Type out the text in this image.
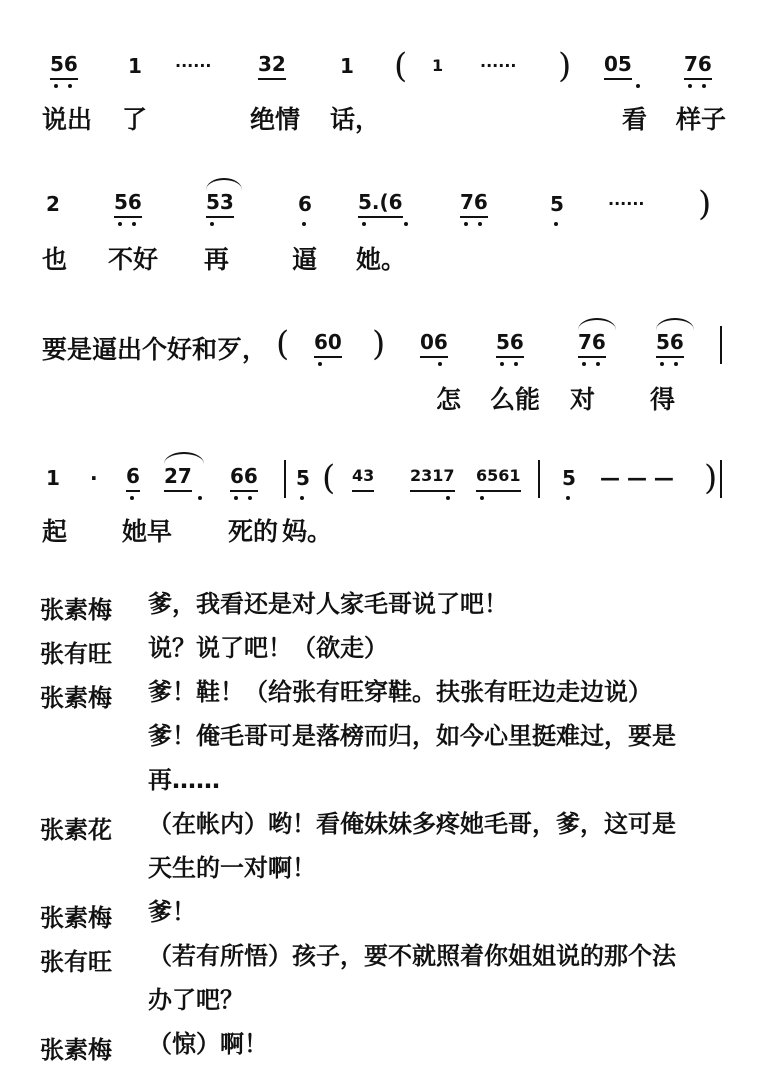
56	1 ······ 32	1 ( 1 ······ ) 05	76
说出 了	绝情 话，	看 样子
2	56	53	6 5.(6	76	5	······ )
也 不好 再	逼 她。
要是逼出个好和歹， ( 60 ) 06 56	76	56
怎 么能 对 得
1 · 6 27 66 5 ( 43 2317 6561 5 — — — )
起 她早 死的 妈。
张素梅	爹，我看还是对人家毛哥说了吧！
张有旺	说？说了吧！（欲走）
张素梅	爹！鞋！（给张有旺穿鞋。扶张有旺边走边说）
爹！俺毛哥可是落榜而归，如今心里挺难过，要是
再……
张素花	（在帐内）哟！看俺妹妹多疼她毛哥，爹，这可是
天生的一对啊！
张素梅	爹！
张有旺	（若有所悟）孩子，要不就照着你姐姐说的那个法
办了吧？
张素梅	（惊）啊！
